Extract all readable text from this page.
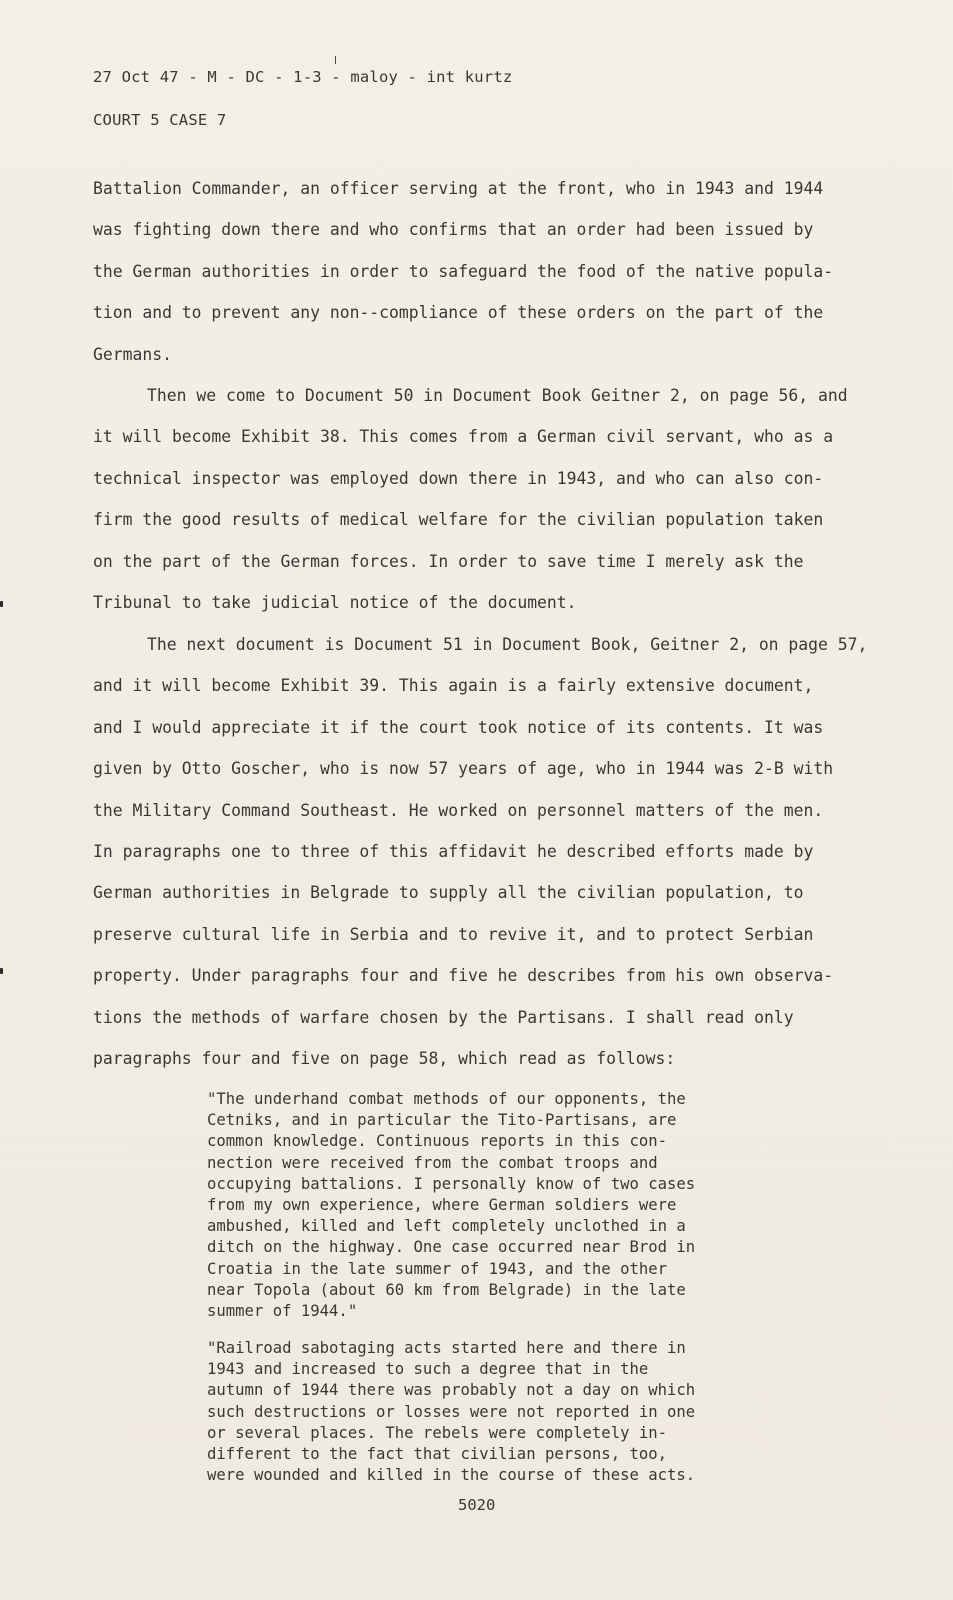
27 Oct 47 - M - DC - 1-3 - maloy - int kurtz
COURT 5 CASE 7
Battalion Commander, an officer serving at the front, who in 1943 and 1944
was fighting down there and who confirms that an order had been issued by
the German authorities in order to safeguard the food of the native popula-
tion and to prevent any non--compliance of these orders on the part of the
Germans.
Then we come to Document 50 in Document Book Geitner 2, on page 56, and
it will become Exhibit 38. This comes from a German civil servant, who as a
technical inspector was employed down there in 1943, and who can also con-
firm the good results of medical welfare for the civilian population taken
on the part of the German forces. In order to save time I merely ask the
Tribunal to take judicial notice of the document.
The next document is Document 51 in Document Book, Geitner 2, on page 57,
and it will become Exhibit 39. This again is a fairly extensive document,
and I would appreciate it if the court took notice of its contents. It was
given by Otto Goscher, who is now 57 years of age, who in 1944 was 2-B with
the Military Command Southeast. He worked on personnel matters of the men.
In paragraphs one to three of this affidavit he described efforts made by
German authorities in Belgrade to supply all the civilian population, to
preserve cultural life in Serbia and to revive it, and to protect Serbian
property. Under paragraphs four and five he describes from his own observa-
tions the methods of warfare chosen by the Partisans. I shall read only
paragraphs four and five on page 58, which read as follows:
"The underhand combat methods of our opponents, the
Cetniks, and in particular the Tito-Partisans, are
common knowledge. Continuous reports in this con-
nection were received from the combat troops and
occupying battalions. I personally know of two cases
from my own experience, where German soldiers were
ambushed, killed and left completely unclothed in a
ditch on the highway. One case occurred near Brod in
Croatia in the late summer of 1943, and the other
near Topola (about 60 km from Belgrade) in the late
summer of 1944."
"Railroad sabotaging acts started here and there in
1943 and increased to such a degree that in the
autumn of 1944 there was probably not a day on which
such destructions or losses were not reported in one
or several places. The rebels were completely in-
different to the fact that civilian persons, too,
were wounded and killed in the course of these acts.
5020
